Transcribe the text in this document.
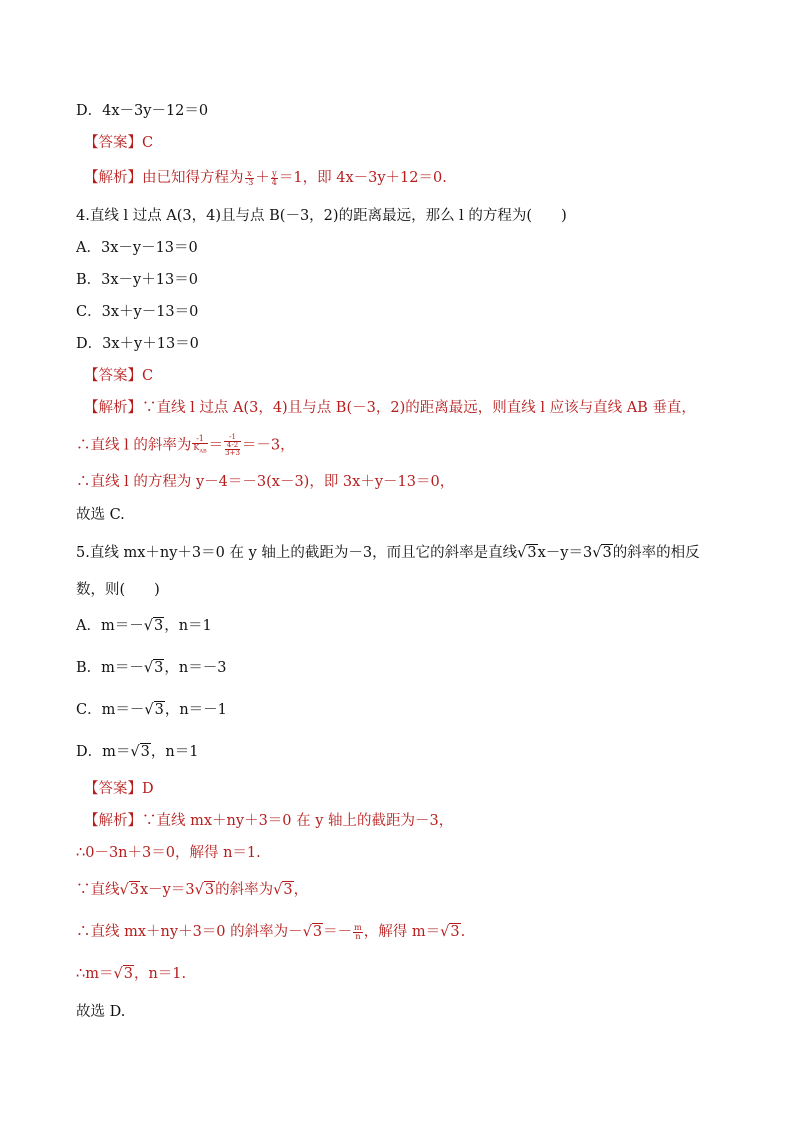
D．4x－3y－12＝0
【答案】C
【解析】由已知得方程为 $\frac{x}{-3} + \frac{y}{4} =1$，即 4x－3y＋12＝0.
4.直线 l 过点 A(3，4)且与点 B(－3，2)的距离最远，那么 l 的方程为(　　)
A．3x－y－13＝0
B．3x－y＋13＝0
C．3x＋y－13＝0
D．3x＋y＋13＝0
【答案】C
【解析】∵直线 l 过点 A(3，4)且与点 B(－3，2)的距离最远，则直线 l 应该与直线 AB 垂直，
∴直线 l 的斜率为 $\frac{-1}{K_{AB}} = -1$
4-2
3+3 ＝－3，
∴直线 l 的方程为 y－4＝－3(x－3)，即 3x＋y－13＝0，
故选 C.
5.直线 mx＋ny＋3＝0 在 y 轴上的截距为－3，而且它的斜率是直线√3x－y＝3√3的斜率的相反
数，则(　　)
A．m＝－√3，n＝1
B．m＝－√3，n＝－3
C．m＝－√3，n＝－1
D．m＝√3，n＝1
【答案】D
【解析】∵直线 mx＋ny＋3＝0 在 y 轴上的截距为－3，
∴0－3n＋3＝0，解得 n＝1.
∵直线√3x－y＝3√3的斜率为√3，
∴直线 mx＋ny＋3＝0 的斜率为$-√3=- \frac{m}{n}$ ，解得 m＝√3.
∴m＝√3，n＝1.
故选 D.
